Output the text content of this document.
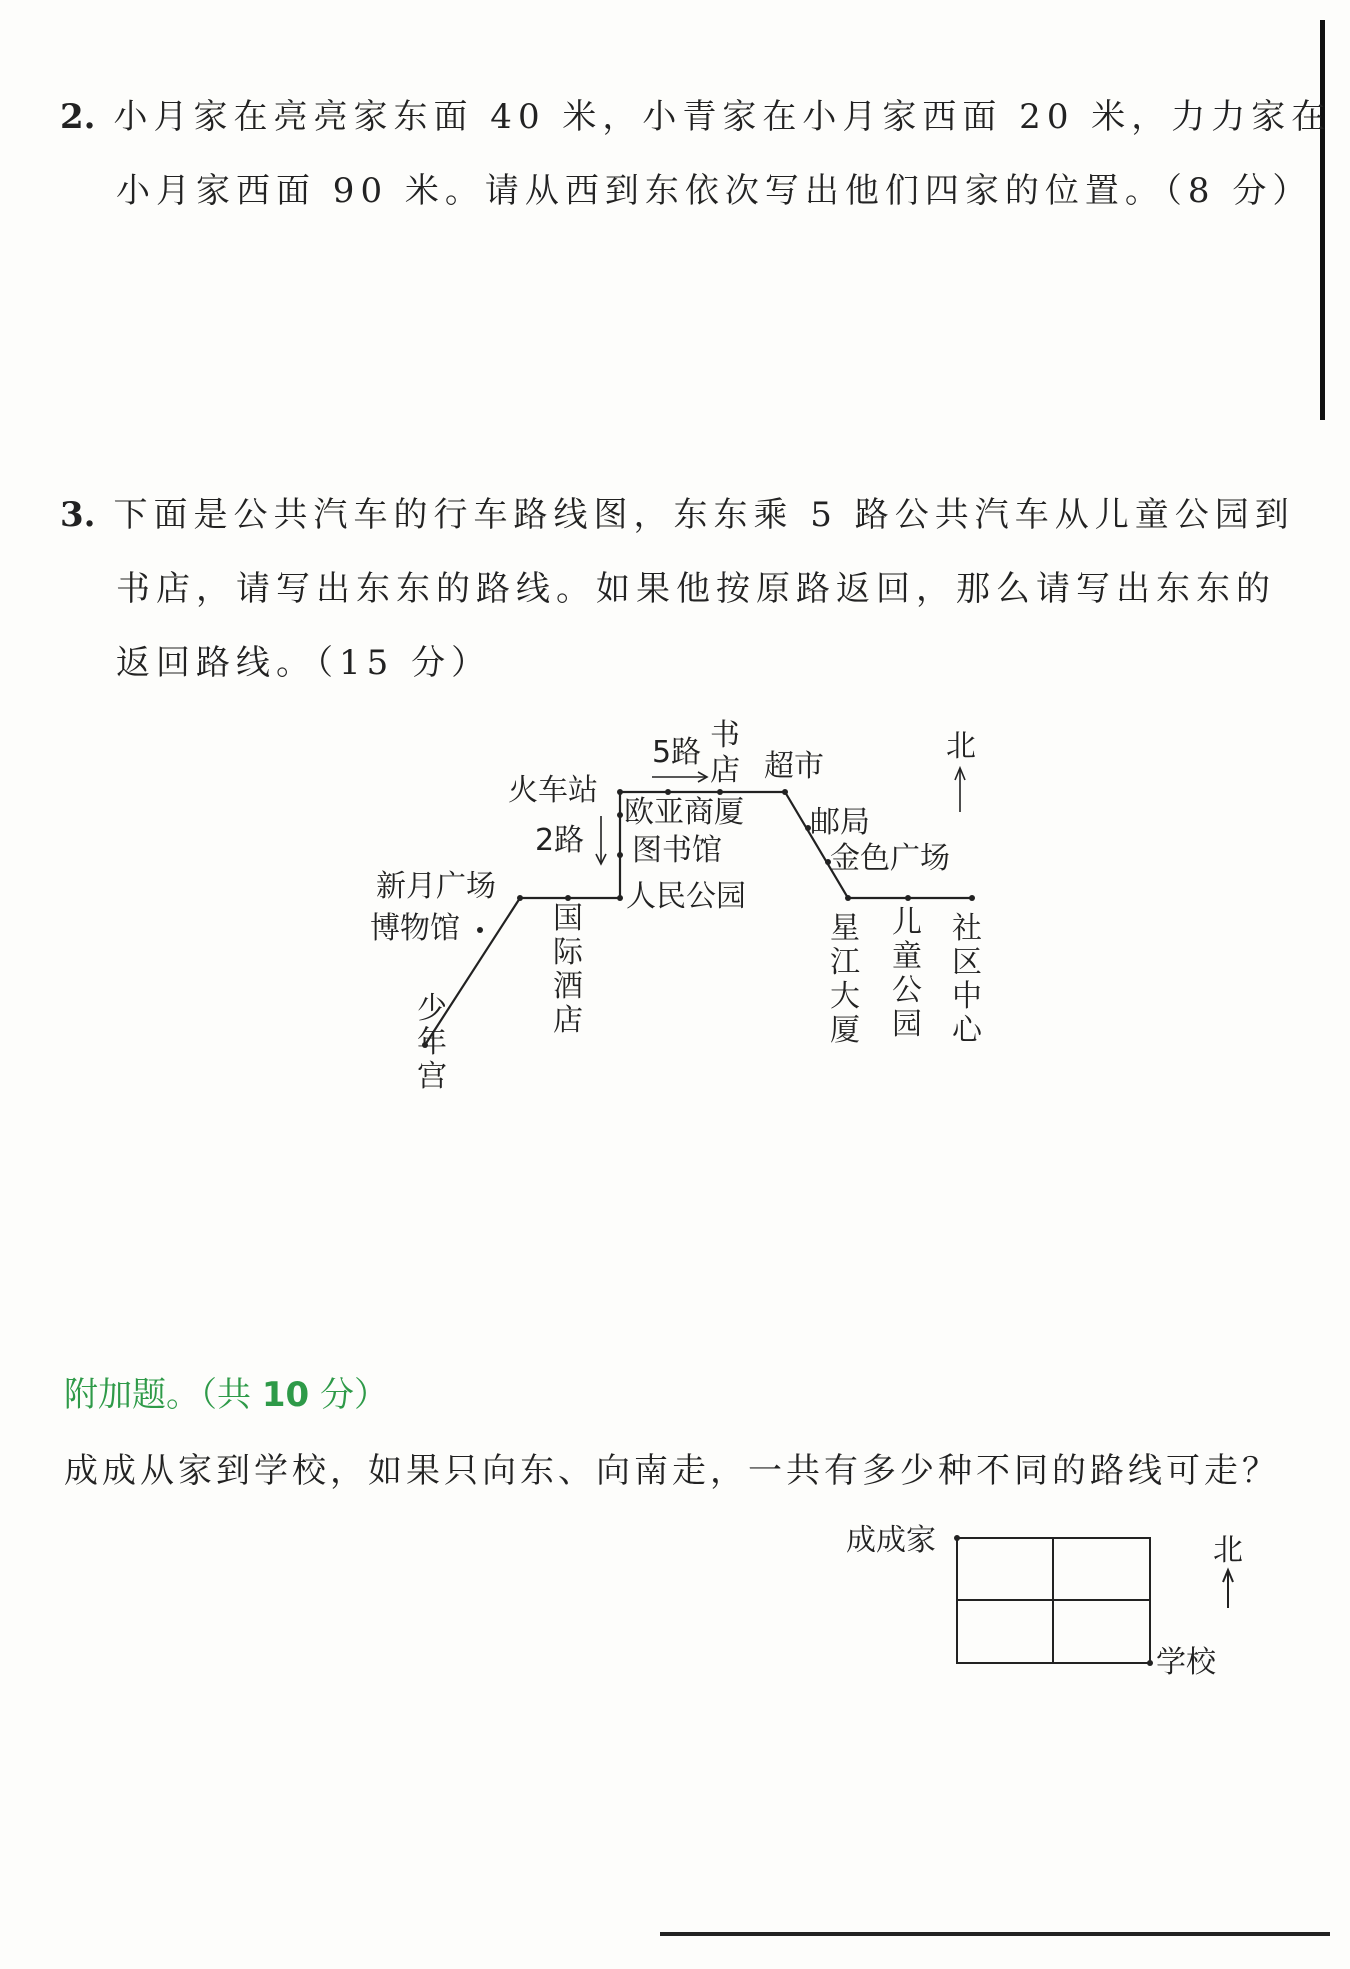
2. 小月家在亮亮家东面 40 米，小青家在小月家西面 20 米，力力家在
小月家西面 90 米。请从西到东依次写出他们四家的位置。（8 分）
3. 下面是公共汽车的行车路线图，东东乘 5 路公共汽车从儿童公园到
书店，请写出东东的路线。如果他按原路返回，那么请写出东东的
返回路线。（15 分）
北
5路
2路
书
店 超市
火车站
欧亚商厦
图书馆
人民公园
邮局
金色广场
新月广场
博物馆	国
际
酒
店
少
年
宫
星
江
大
厦
儿
童
公
园
社
区
中
心
成成家
学校
北
附加题。（共 10 分）
成成从家到学校，如果只向东、向南走，一共有多少种不同的路线可走？
